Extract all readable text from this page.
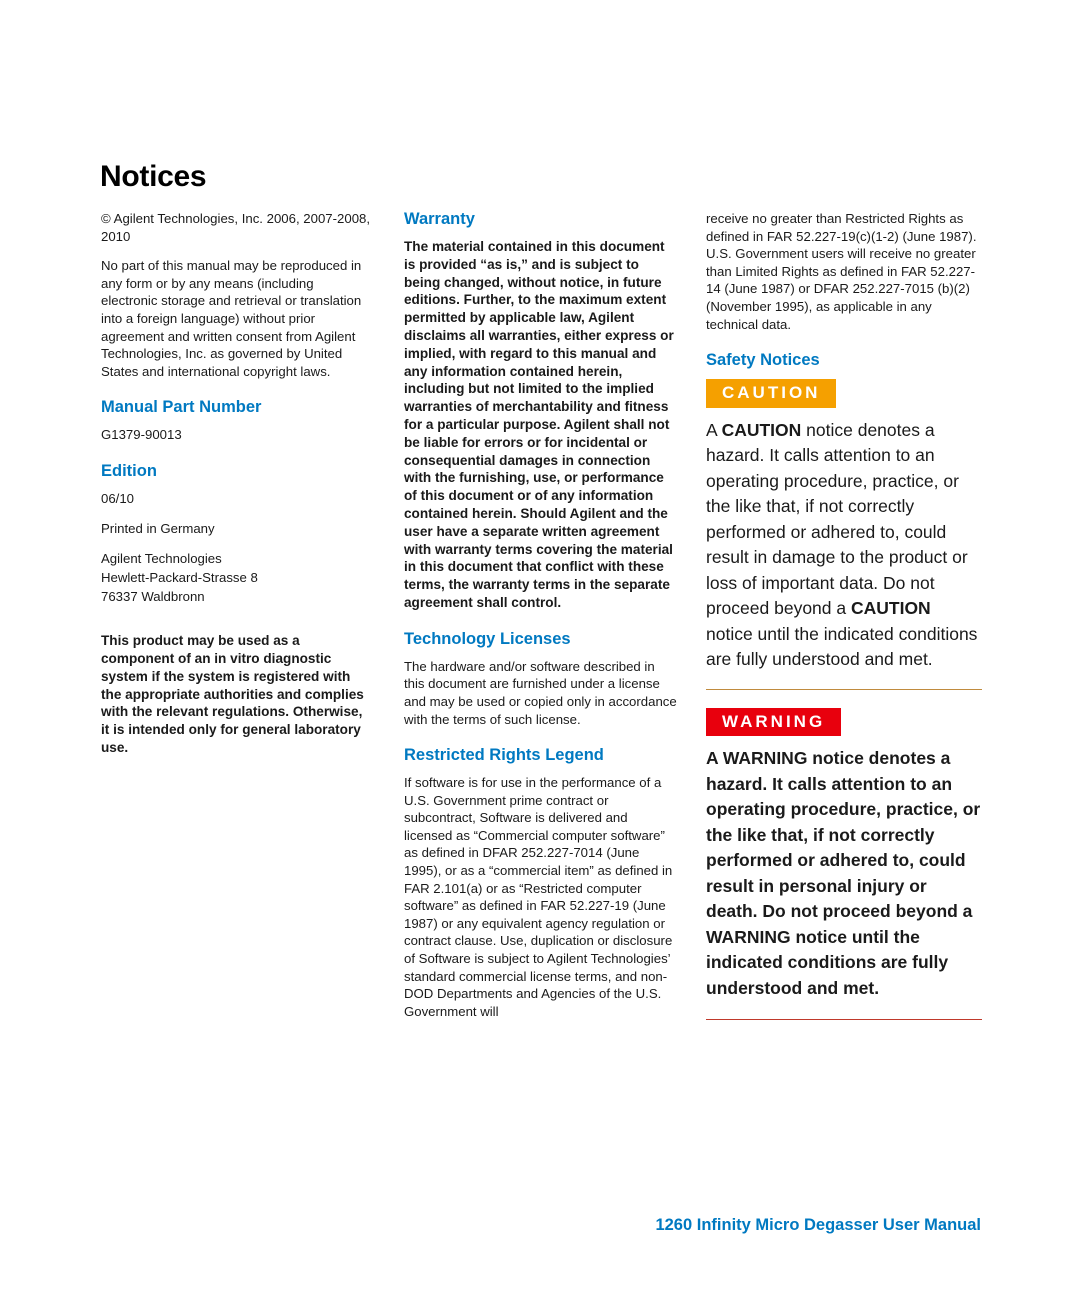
Notices

© Agilent Technologies, Inc. 2006, 2007-2008, 2010

No part of this manual may be reproduced in any form or by any means (including electronic storage and retrieval or translation into a foreign language) without prior agreement and written consent from Agilent Technologies, Inc. as governed by United States and international copyright laws.

Manual Part Number

G1379-90013

Edition

06/10

Printed in Germany

Agilent Technologies

Hewlett-Packard-Strasse 8

76337 Waldbronn

This product may be used as a component of an in vitro diagnostic system if the system is registered with the appropriate authorities and complies with the relevant regulations. Otherwise, it is intended only for general laboratory use.

Warranty

The material contained in this document is provided “as is,” and is subject to being changed, without notice, in future editions. Further, to the maximum extent permitted by applicable law, Agilent disclaims all warranties, either express or implied, with regard to this manual and any information contained herein, including but not limited to the implied warranties of merchantability and fitness for a particular purpose. Agilent shall not be liable for errors or for incidental or consequential damages in connection with the furnishing, use, or performance of this document or of any information contained herein. Should Agilent and the user have a separate written agreement with warranty terms covering the material in this document that conflict with these terms, the warranty terms in the separate agreement shall control.

Technology Licenses

The hardware and/or software described in this document are furnished under a license and may be used or copied only in accordance with the terms of such license.

Restricted Rights Legend

If software is for use in the performance of a U.S. Government prime contract or subcontract, Software is delivered and licensed as “Commercial computer software” as defined in DFAR 252.227-7014 (June 1995), or as a “commercial item” as defined in FAR 2.101(a) or as “Restricted computer software” as defined in FAR 52.227-19 (June 1987) or any equivalent agency regulation or contract clause. Use, duplication or disclosure of Software is subject to Agilent Technologies’ standard commercial license terms, and non-DOD Departments and Agencies of the U.S. Government will

receive no greater than Restricted Rights as defined in FAR 52.227-19(c)(1-2) (June 1987). U.S. Government users will receive no greater than Limited Rights as defined in FAR 52.227-14 (June 1987) or DFAR 252.227-7015 (b)(2) (November 1995), as applicable in any technical data.

Safety Notices
CAUTION

A CAUTION notice denotes a hazard. It calls attention to an operating procedure, practice, or the like that, if not correctly performed or adhered to, could result in damage to the product or loss of important data. Do not proceed beyond a CAUTION notice until the indicated conditions are fully understood and met.

WARNING

A WARNING notice denotes a hazard. It calls attention to an operating procedure, practice, or the like that, if not correctly performed or adhered to, could result in personal injury or death. Do not proceed beyond a WARNING notice until the indicated conditions are fully understood and met.

1260 Infinity Micro Degasser User Manual
